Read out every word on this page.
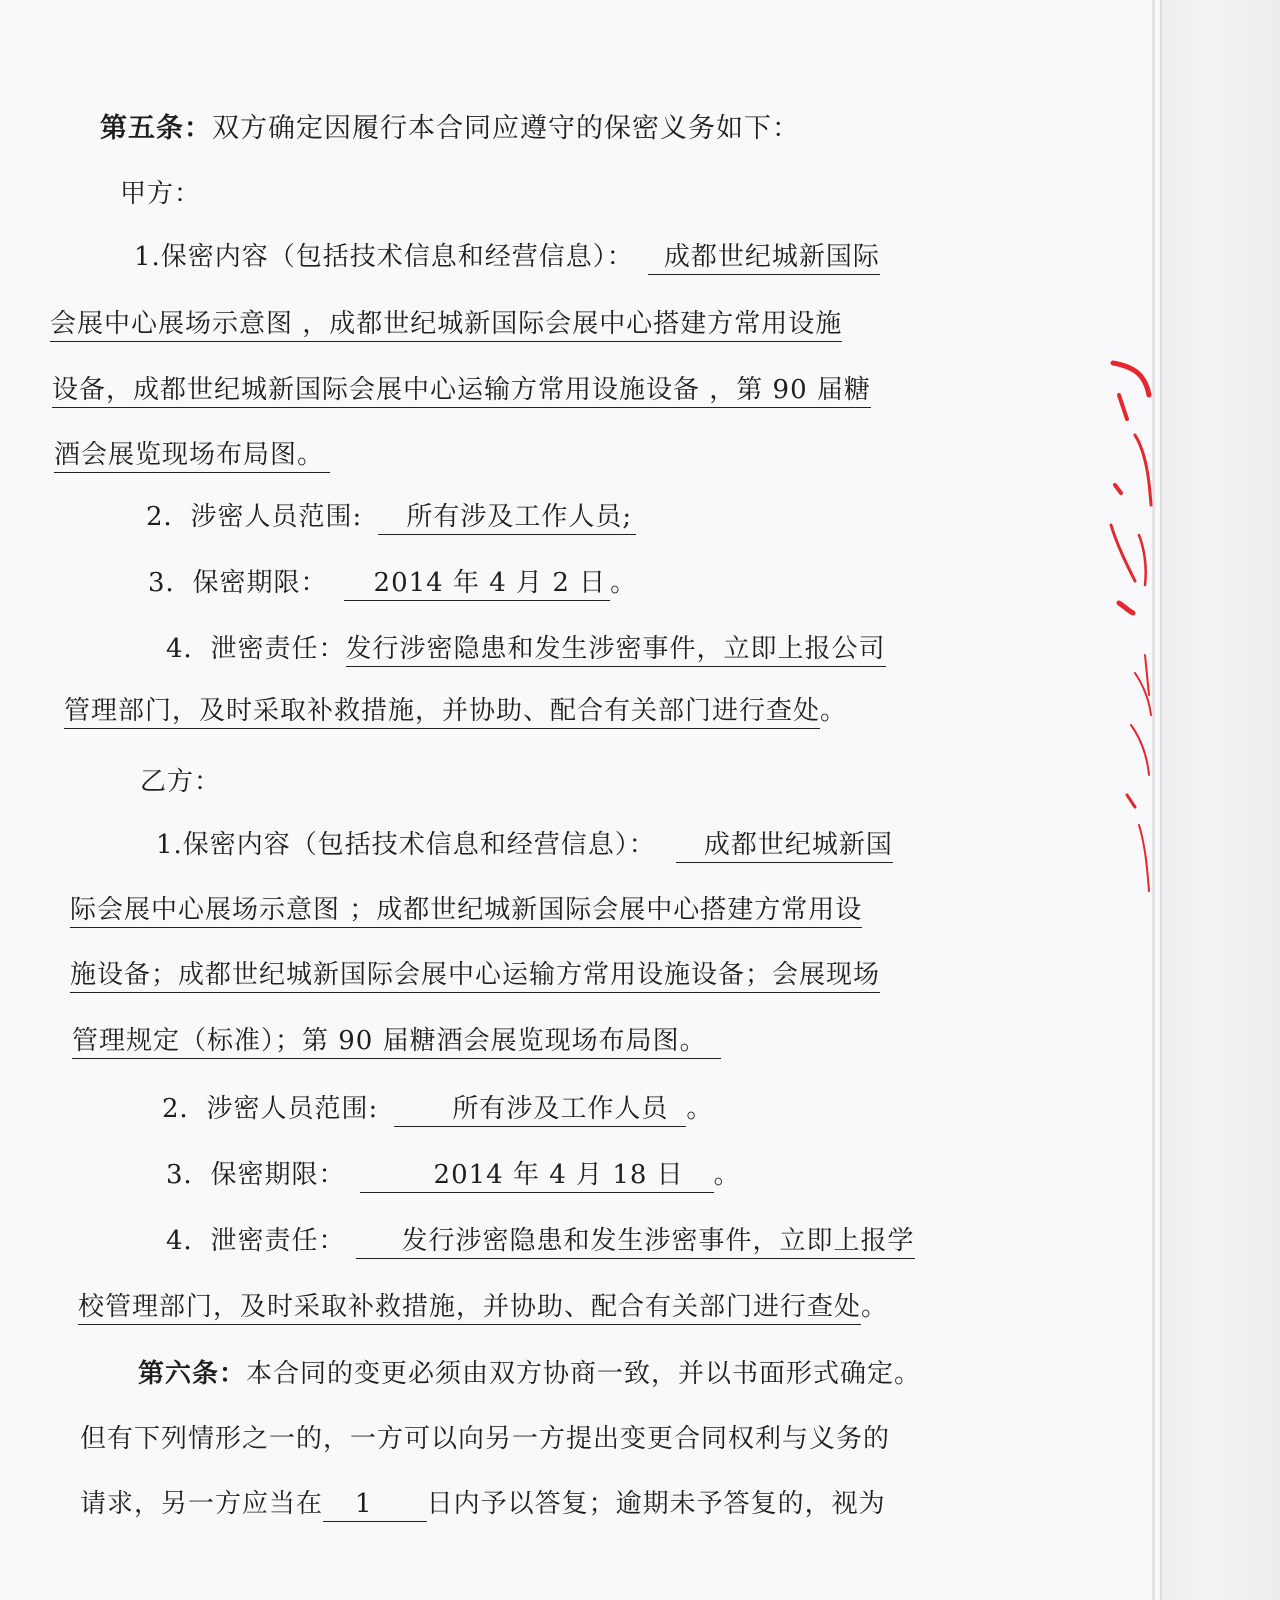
第五条：双方确定因履行本合同应遵守的保密义务如下：
甲方：
1.保密内容（包括技术信息和经营信息）： 成都世纪城新国际
会展中心展场示意图 ，成都世纪城新国际会展中心搭建方常用设施
设备，成都世纪城新国际会展中心运输方常用设施设备 ，第 90 届糖
酒会展览现场布局图。
2．涉密人员范围: 所有涉及工作人员;
3．保密期限： 2014 年 4 月 2 日 。
4．泄密责任：发行涉密隐患和发生涉密事件，立即上报公司
管理部门，及时采取补救措施，并协助、配合有关部门进行查处。
乙方：
1.保密内容（包括技术信息和经营信息）： 成都世纪城新国
际会展中心展场示意图 ；成都世纪城新国际会展中心搭建方常用设
施设备；成都世纪城新国际会展中心运输方常用设施设备；会展现场
管理规定（标准）；第 90 届糖酒会展览现场布局图。
2．涉密人员范围:	所有涉及工作人员 。
3．保密期限：	2014 年 4 月 18 日 。
4．泄密责任： 发行涉密隐患和发生涉密事件，立即上报学
校管理部门，及时采取补救措施，并协助、配合有关部门进行查处。
第六条：本合同的变更必须由双方协商一致，并以书面形式确定。
但有下列情形之一的，一方可以向另一方提出变更合同权利与义务的
请求，另一方应当在 1 日内予以答复；逾期未予答复的，视为
